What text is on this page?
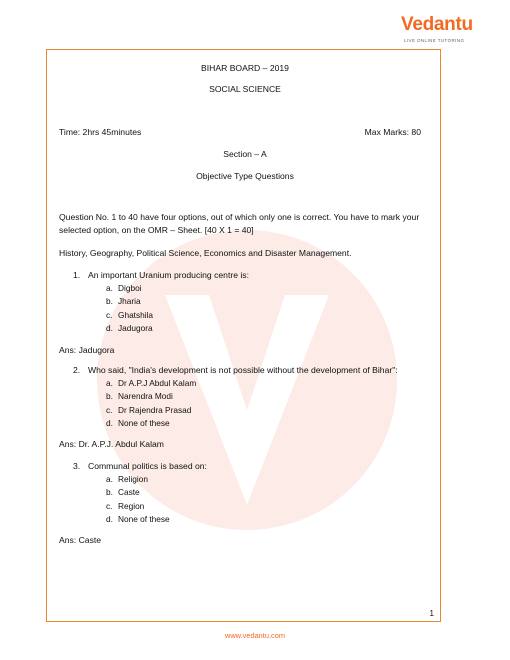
Vedantu
LIVE ONLINE TUTORING
BIHAR BOARD – 2019
SOCIAL SCIENCE
Time: 2hrs 45minutes	Max Marks: 80
Section – A
Objective Type Questions
Question No. 1 to 40 have four options, out of which only one is correct. You have to mark your selected option, on the OMR – Sheet. [40 X 1 = 40]
History, Geography, Political Science, Economics and Disaster Management.
1. An important Uranium producing centre is:
a. Digboi
b. Jharia
c. Ghatshila
d. Jadugora
Ans: Jadugora
2. Who said, "India's development is not possible without the development of Bihar":
a. Dr A.P.J Abdul Kalam
b. Narendra Modi
c. Dr Rajendra Prasad
d. None of these
Ans: Dr. A.P.J. Abdul Kalam
3. Communal politics is based on:
a. Religion
b. Caste
c. Region
d. None of these
Ans: Caste
1
www.vedantu.com
